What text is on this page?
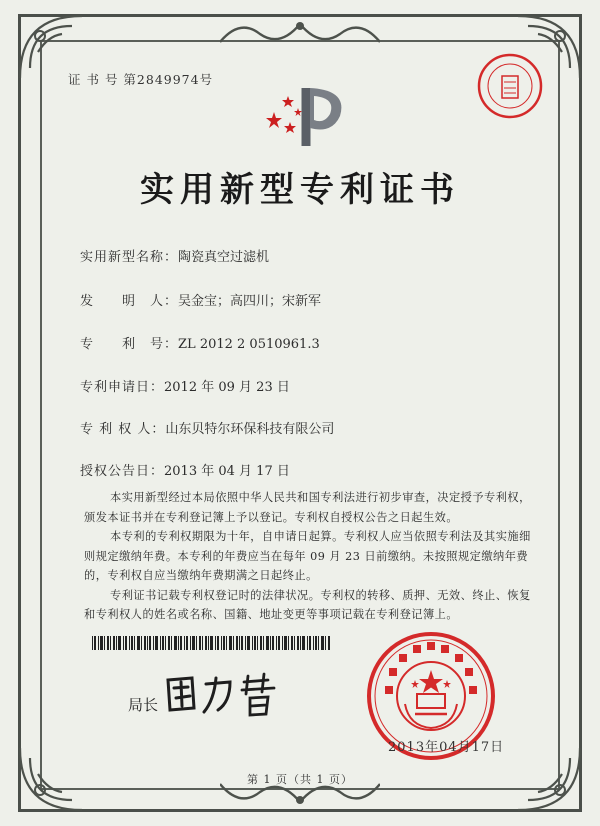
证 书 号 第2849974号
实用新型专利证书
实用新型名称：陶瓷真空过滤机
发　　明　人：吴金宝；高四川；宋新军
专　　利　号：ZL 2012 2 0510961.3
专利申请日：2012 年 09 月 23 日
专 利 权 人：山东贝特尔环保科技有限公司
授权公告日：2013 年 04 月 17 日

本实用新型经过本局依照中华人民共和国专利法进行初步审查，决定授予专利权，颁发本证书并在专利登记簿上予以登记。专利权自授权公告之日起生效。

本专利的专利权期限为十年，自申请日起算。专利权人应当依照专利法及其实施细则规定缴纳年费。本专利的年费应当在每年 09 月 23 日前缴纳。未按照规定缴纳年费的，专利权自应当缴纳年费期满之日起终止。

专利证书记载专利权登记时的法律状况。专利权的转移、质押、无效、终止、恢复和专利权人的姓名或名称、国籍、地址变更等事项记载在专利登记簿上。

局长
2013年04月17日
第 1 页（共 1 页）
